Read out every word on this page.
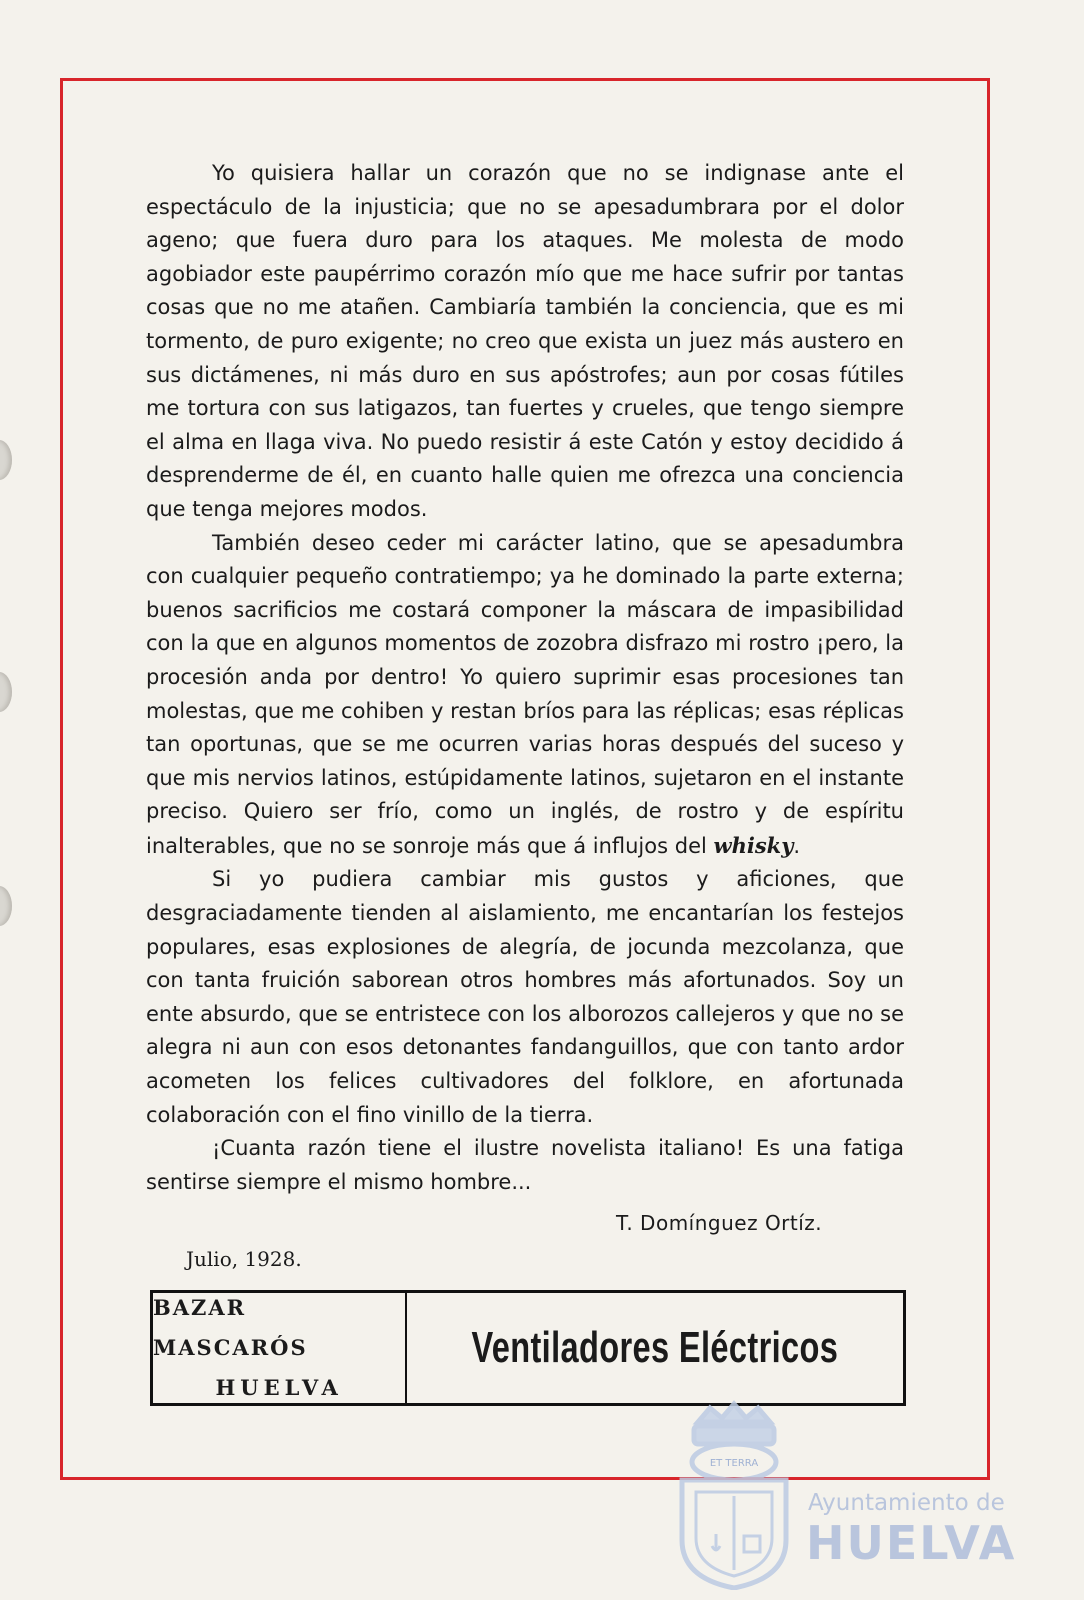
Yo quisiera hallar un corazón que no se indignase ante el espectáculo de la injusticia; que no se apesadumbrara por el dolor ageno; que fuera duro para los ataques. Me molesta de modo agobiador este paupérrimo corazón mío que me hace sufrir por tantas cosas que no me atañen. Cambiaría también la conciencia, que es mi tormento, de puro exigente; no creo que exista un juez más austero en sus dictámenes, ni más duro en sus apóstrofes; aun por cosas fútiles me tortura con sus latigazos, tan fuertes y crueles, que tengo siempre el alma en llaga viva. No puedo resistir á este Catón y estoy decidido á desprenderme de él, en cuanto halle quien me ofrezca una conciencia que tenga mejores modos.

También deseo ceder mi carácter latino, que se apesadumbra con cualquier pequeño contratiempo; ya he dominado la parte externa; buenos sacrificios me costará componer la máscara de impasibilidad con la que en algunos momentos de zozobra disfrazo mi rostro ¡pero, la procesión anda por dentro! Yo quiero suprimir esas procesiones tan molestas, que me cohiben y restan bríos para las réplicas; esas réplicas tan oportunas, que se me ocurren varias horas después del suceso y que mis nervios latinos, estúpidamente latinos, sujetaron en el instante preciso. Quiero ser frío, como un inglés, de rostro y de espíritu inalterables, que no se sonroje más que á influjos del whisky.

Si yo pudiera cambiar mis gustos y aficiones, que desgraciadamente tienden al aislamiento, me encantarían los festejos populares, esas explosiones de alegría, de jocunda mezcolanza, que con tanta fruición saborean otros hombres más afortunados. Soy un ente absurdo, que se entristece con los alborozos callejeros y que no se alegra ni aun con esos detonantes fandanguillos, que con tanto ardor acometen los felices cultivadores del folklore, en afortunada colaboración con el fino vinillo de la tierra.

¡Cuanta razón tiene el ilustre novelista italiano! Es una fatiga sentirse siempre el mismo hombre...

T. Domínguez Ortíz.
Julio, 1928.
BAZAR MASCARÓS
HUELVA
Ventiladores Eléctricos
ET TERRA
Ayuntamiento de
HUELVA
